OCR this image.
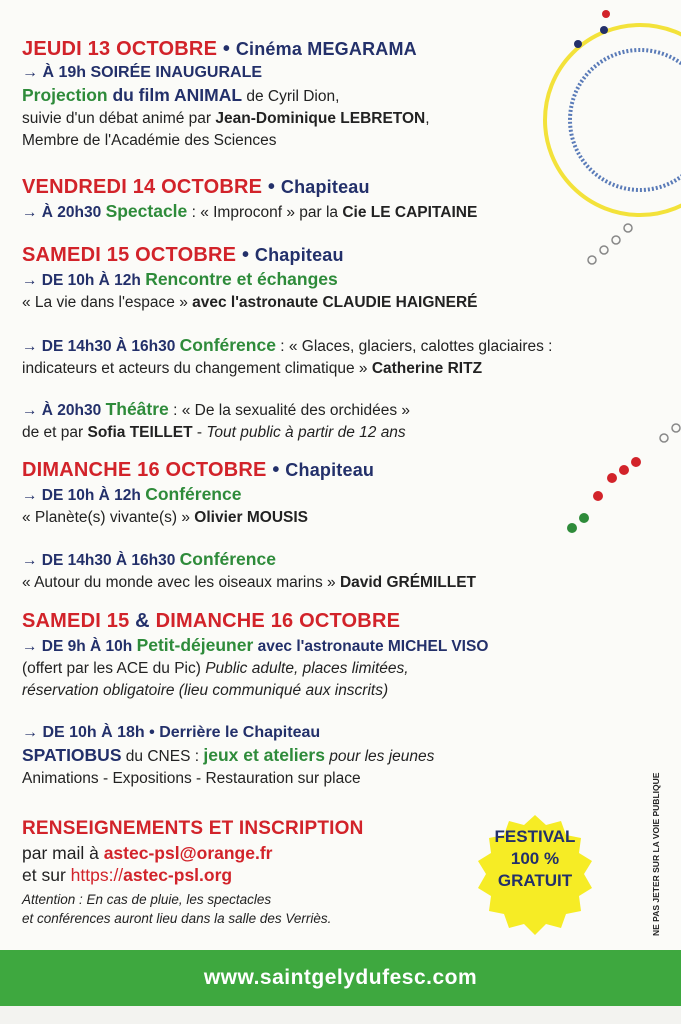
JEUDI 13 OCTOBRE • Cinéma MEGARAMA
→ À 19h SOIRÉE INAUGURALE
Projection du film ANIMAL de Cyril Dion,
suivie d'un débat animé par Jean-Dominique LEBRETON,
Membre de l'Académie des Sciences
VENDREDI 14 OCTOBRE • Chapiteau
→ À 20h30 Spectacle : « Improconf » par la Cie LE CAPITAINE
SAMEDI 15 OCTOBRE • Chapiteau
→ DE 10h À 12h Rencontre et échanges
« La vie dans l'espace » avec l'astronaute CLAUDIE HAIGNERÉ
→ DE 14h30 À 16h30 Conférence : « Glaces, glaciers, calottes glaciaires :
indicateurs et acteurs du changement climatique » Catherine RITZ
→ À 20h30 Théâtre : « De la sexualité des orchidées »
de et par Sofia TEILLET - Tout public à partir de 12 ans
DIMANCHE 16 OCTOBRE • Chapiteau
→ DE 10h À 12h Conférence
« Planète(s) vivante(s) » Olivier MOUSIS
→ DE 14h30 À 16h30 Conférence
« Autour du monde avec les oiseaux marins » David GRÉMILLET
SAMEDI 15 & DIMANCHE 16 OCTOBRE
→ DE 9h À 10h Petit-déjeuner avec l'astronaute MICHEL VISO
(offert par les ACE du Pic) Public adulte, places limitées,
réservation obligatoire (lieu communiqué aux inscrits)
→ DE 10h À 18h • Derrière le Chapiteau
SPATIOBUS du CNES : jeux et ateliers pour les jeunes
Animations - Expositions - Restauration sur place
RENSEIGNEMENTS ET INSCRIPTION
par mail à astec-psl@orange.fr
et sur https://astec-psl.org
Attention : En cas de pluie, les spectacles
et conférences auront lieu dans la salle des Verriès.
FESTIVAL
100 %
GRATUIT	NE PAS JETER SUR LA VOIE PUBLIQUE
www.saintgelydufesc.com
